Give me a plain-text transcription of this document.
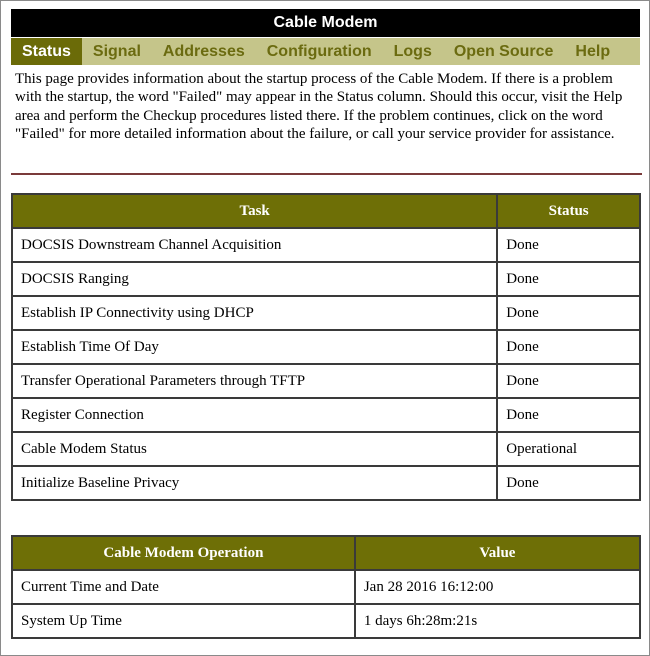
Cable Modem
Status	Signal	Addresses	Configuration	Logs	Open Source	Help
This page provides information about the startup process of the Cable Modem. If there is a problem with the startup, the word "Failed" may appear in the Status column. Should this occur, visit the Help area and perform the Checkup procedures listed there. If the problem continues, click on the word "Failed" for more detailed information about the failure, or call your service provider for assistance.
Task	Status
DOCSIS Downstream Channel Acquisition	Done
DOCSIS Ranging	Done
Establish IP Connectivity using DHCP	Done
Establish Time Of Day	Done
Transfer Operational Parameters through TFTP	Done
Register Connection	Done
Cable Modem Status	Operational
Initialize Baseline Privacy	Done
Cable Modem Operation	Value
Current Time and Date	Jan 28 2016 16:12:00
System Up Time	1 days 6h:28m:21s
